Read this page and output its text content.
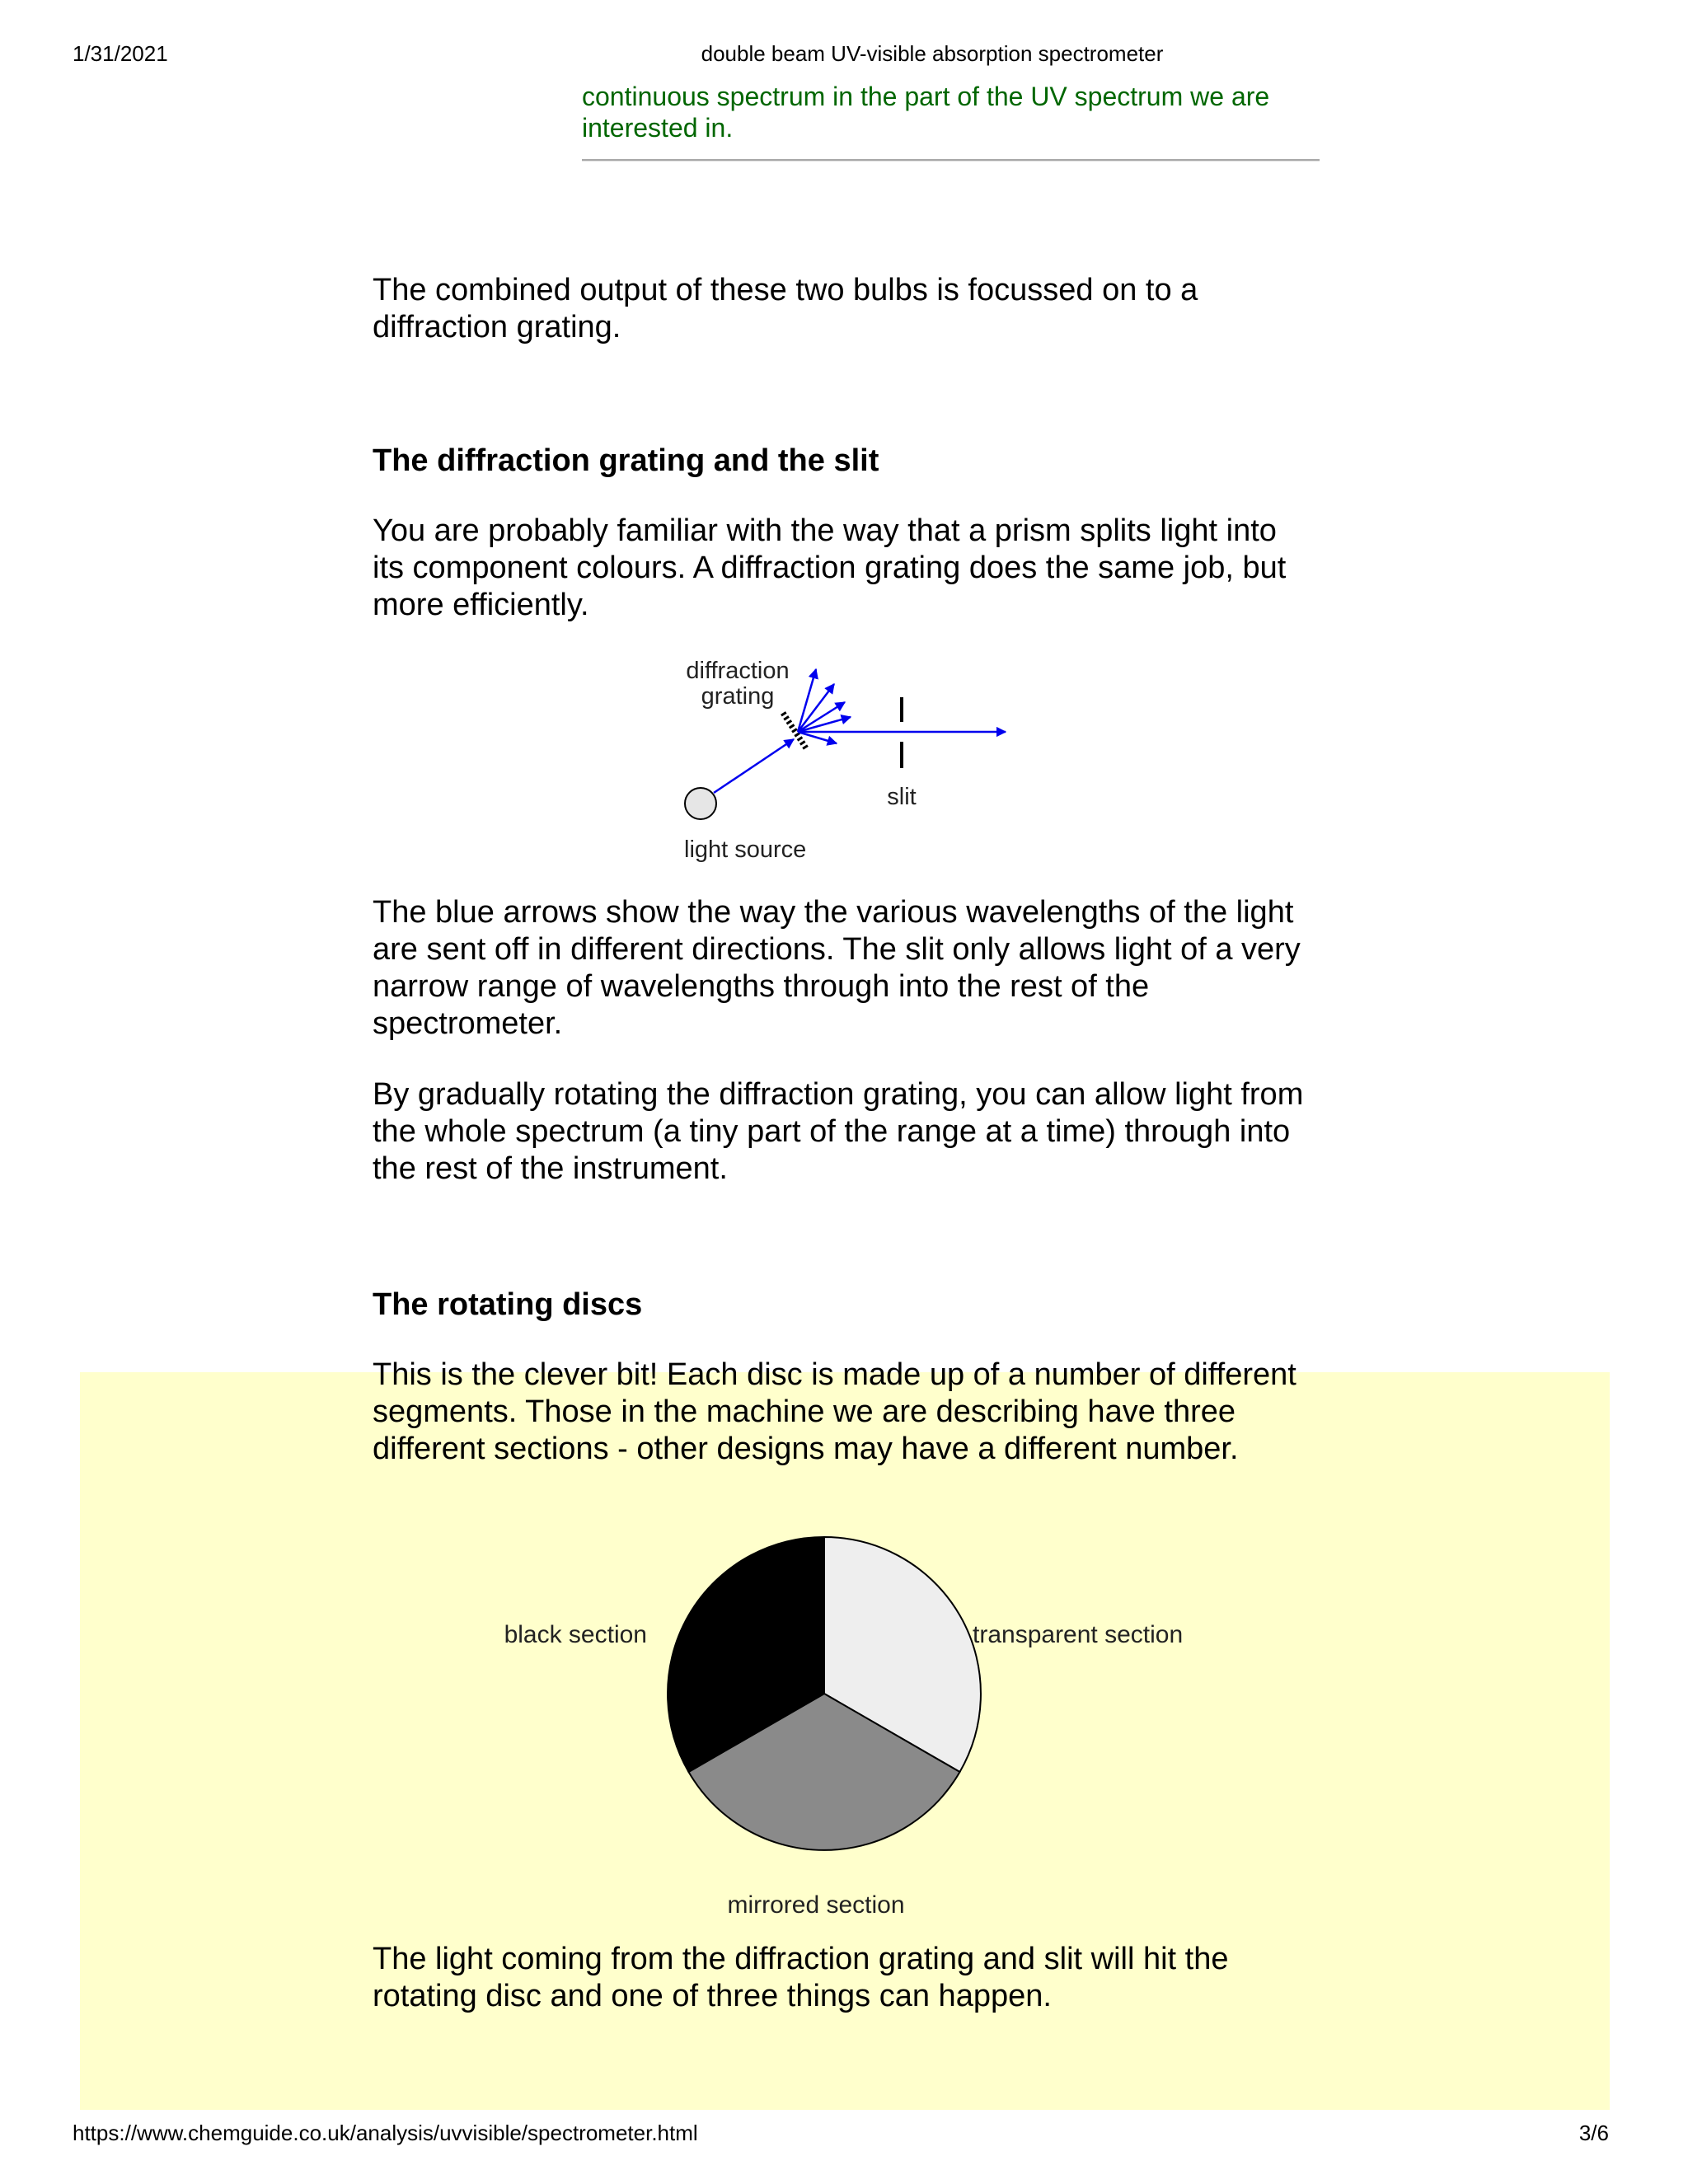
1/31/2021	double beam UV-visible absorption spectrometer
continuous spectrum in the part of the UV spectrum we are interested in.
The combined output of these two bulbs is focussed on to a diffraction grating.
The diffraction grating and the slit
You are probably familiar with the way that a prism splits light into its component colours. A diffraction grating does the same job, but more efficiently.
diffraction
grating
slit
light source
The blue arrows show the way the various wavelengths of the light are sent off in different directions. The slit only allows light of a very narrow range of wavelengths through into the rest of the spectrometer.
By gradually rotating the diffraction grating, you can allow light from the whole spectrum (a tiny part of the range at a time) through into the rest of the instrument.
The rotating discs
This is the clever bit! Each disc is made up of a number of different segments. Those in the machine we are describing have three different sections - other designs may have a different number.
black section	transparent section
mirrored section
The light coming from the diffraction grating and slit will hit the rotating disc and one of three things can happen.
https://www.chemguide.co.uk/analysis/uvvisible/spectrometer.html	3/6
